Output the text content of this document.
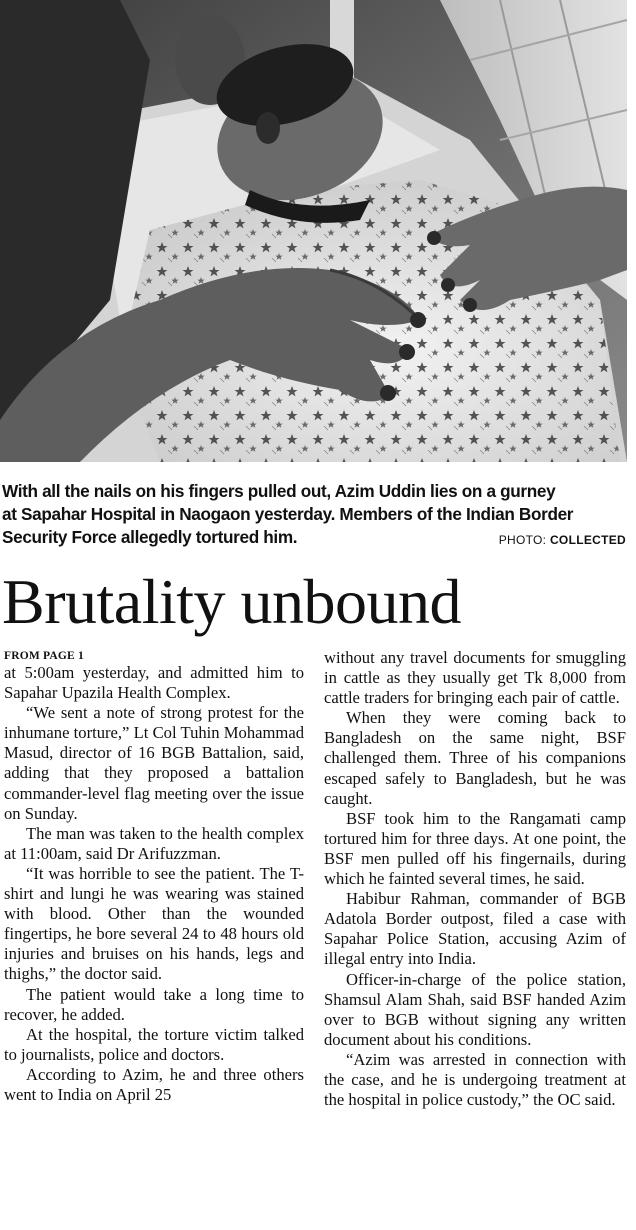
With all the nails on his fingers pulled out, Azim Uddin lies on a gurney
at Sapahar Hospital in Naogaon yesterday. Members of the Indian Border
Security Force allegedly tortured him.	PHOTO: COLLECTED
Brutality unbound
FROM PAGE 1

at 5:00am yesterday, and admitted him to Sapahar Upazila Health Complex.

“We sent a note of strong protest for the inhumane torture,” Lt Col Tuhin Mohammad Masud, director of 16 BGB Battalion, said, adding that they proposed a battalion commander-level flag meeting over the issue on Sunday.

The man was taken to the health complex at 11:00am, said Dr Arifuzzman.

“It was horrible to see the patient. The T-shirt and lungi he was wearing was stained with blood. Other than the wounded fingertips, he bore several 24 to 48 hours old injuries and bruises on his hands, legs and thighs,” the doctor said.

The patient would take a long time to recover, he added.

At the hospital, the torture victim talked to journalists, police and doctors.

According to Azim, he and three others went to India on April 25

without any travel documents for smuggling in cattle as they usually get Tk 8,000 from cattle traders for bringing each pair of cattle.

When they were coming back to Bangladesh on the same night, BSF challenged them. Three of his companions escaped safely to Bangladesh, but he was caught.

BSF took him to the Rangamati camp tortured him for three days. At one point, the BSF men pulled off his fingernails, during which he fainted several times, he said.

Habibur Rahman, commander of BGB Adatola Border outpost, filed a case with Sapahar Police Station, accusing Azim of illegal entry into India.

Officer-in-charge of the police station, Shamsul Alam Shah, said BSF handed Azim over to BGB without signing any written document about his conditions.

“Azim was arrested in connection with the case, and he is undergoing treatment at the hospital in police custody,” the OC said.
